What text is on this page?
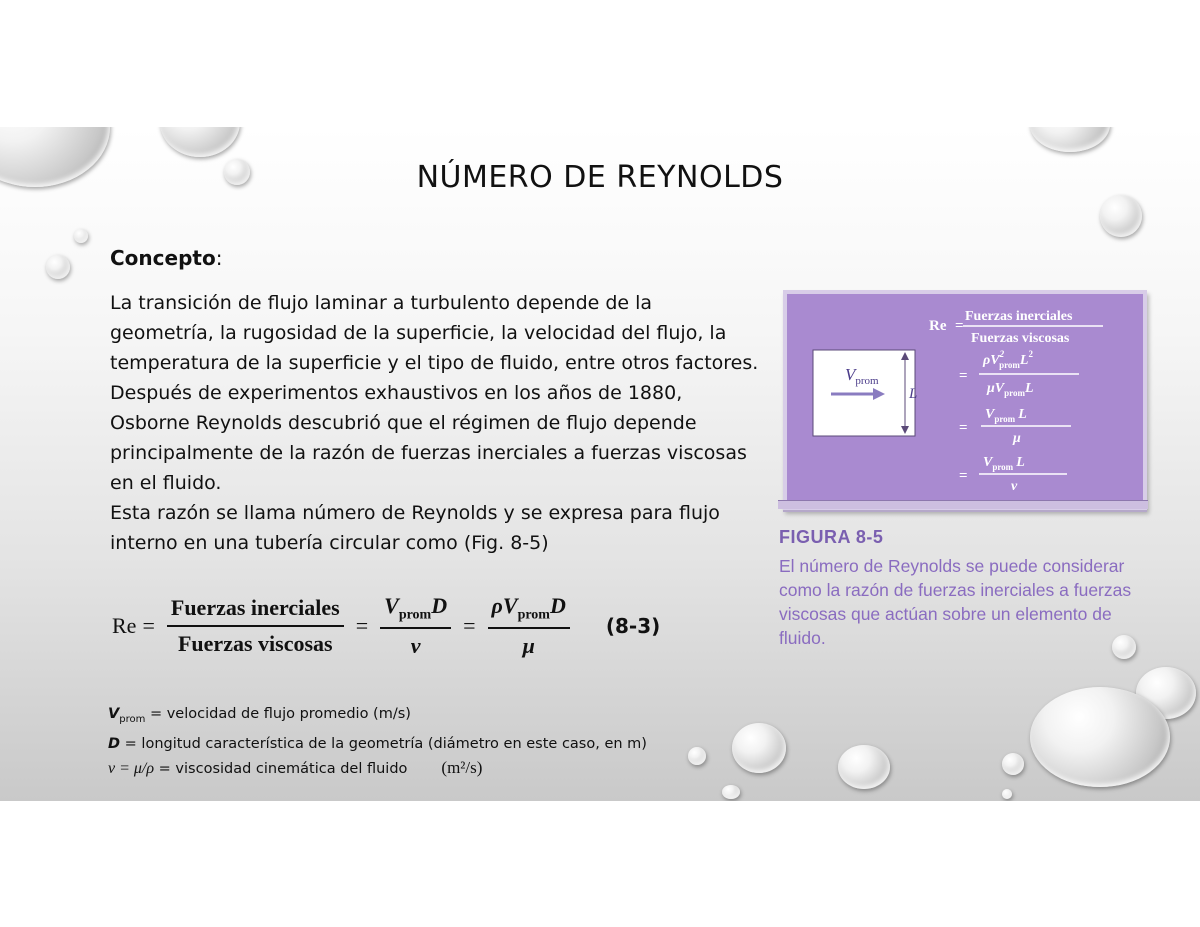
NÚMERO DE REYNOLDS
Concepto:

La transición de flujo laminar a turbulento depende de la geometría, la rugosidad de la superficie, la velocidad del flujo, la temperatura de la superficie y el tipo de fluido, entre otros factores. Después de experimentos exhaustivos en los años de 1880, Osborne Reynolds descubrió que el régimen de flujo depende principalmente de la razón de fuerzas inerciales a fuerzas viscosas en el fluido.

Esta razón se llama número de Reynolds y se expresa para flujo interno en una tubería circular como (Fig. 8-5)

$Re = \frac{\text{Fuerzas inerciales}}{\text{Fuerzas viscosas}} = \frac{V_{prom}D}{\nu} = \frac{\rho V_{prom}D}{\mu} (8-3)$
$V_{prom}$ = velocidad de flujo promedio (m/s)
D = longitud característica de la geometría (diámetro en este caso, en m)
ν = μ/ρ = viscosidad cinemática del fluido (m²/s)
$V_{prom}$
L
Re =
Fuerzas inerciales
Fuerzas viscosas
=
$\rho V^2$ promL$^2$
$\mu V_{prom}L$
=
$V_{prom}$ L
μ
=
$V_{prom}$ L
ν
FIGURA 8-5
El número de Reynolds se puede considerar como la razón de fuerzas inerciales a fuerzas viscosas que actúan sobre un elemento de fluido.
